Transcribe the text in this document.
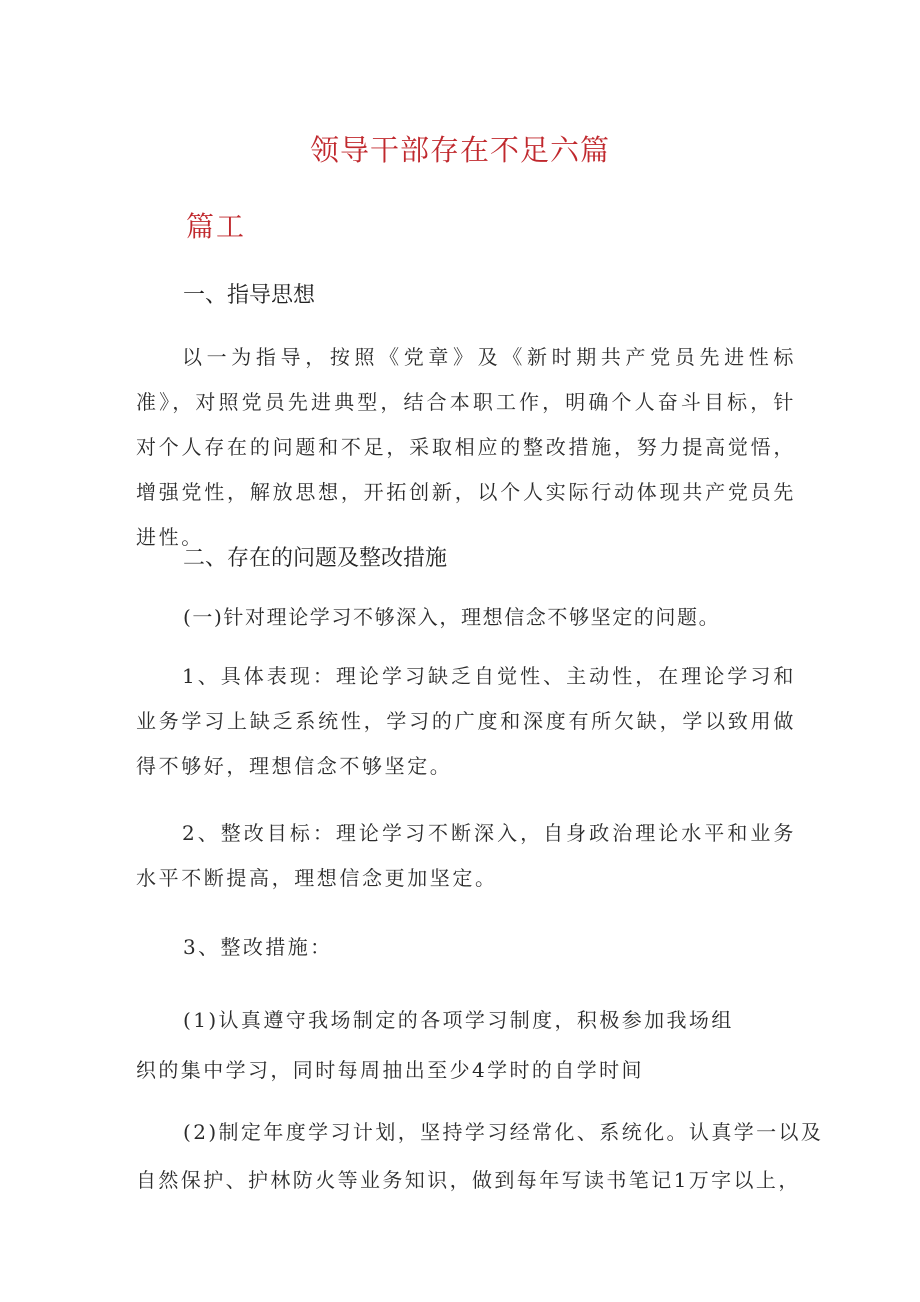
领导干部存在不足六篇
篇工
一、指导思想
以一为指导，按照《党章》及《新时期共产党员先进性标准》，对照党员先进典型，结合本职工作，明确个人奋斗目标，针对个人存在的问题和不足，采取相应的整改措施，努力提高觉悟，增强党性，解放思想，开拓创新，以个人实际行动体现共产党员先进性。
二、存在的问题及整改措施
(一)针对理论学习不够深入，理想信念不够坚定的问题。
1、具体表现：理论学习缺乏自觉性、主动性，在理论学习和业务学习上缺乏系统性，学习的广度和深度有所欠缺，学以致用做得不够好，理想信念不够坚定。
2、整改目标：理论学习不断深入，自身政治理论水平和业务水平不断提高，理想信念更加坚定。
3、整改措施：
(1)认真遵守我场制定的各项学习制度，积极参加我场组
织的集中学习，同时每周抽出至少4学时的自学时间
(2)制定年度学习计划，坚持学习经常化、系统化。认真学一以及
自然保护、护林防火等业务知识，做到每年写读书笔记1万字以上，
